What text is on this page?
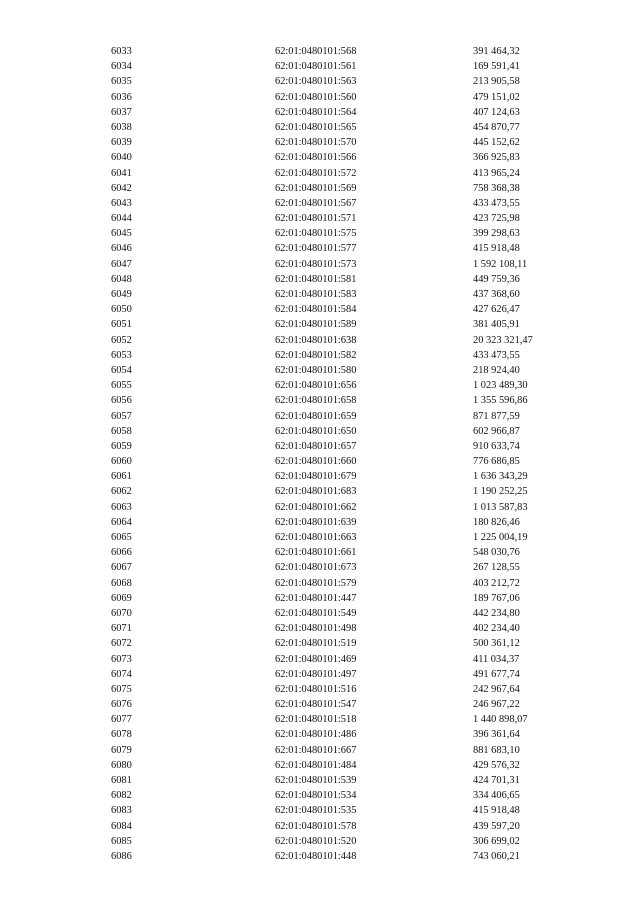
6033	62:01:0480101:568	391 464,32
6034	62:01:0480101:561	169 591,41
6035	62:01:0480101:563	213 905,58
6036	62:01:0480101:560	479 151,02
6037	62:01:0480101:564	407 124,63
6038	62:01:0480101:565	454 870,77
6039	62:01:0480101:570	445 152,62
6040	62:01:0480101:566	366 925,83
6041	62:01:0480101:572	413 965,24
6042	62:01:0480101:569	758 368,38
6043	62:01:0480101:567	433 473,55
6044	62:01:0480101:571	423 725,98
6045	62:01:0480101:575	399 298,63
6046	62:01:0480101:577	415 918,48
6047	62:01:0480101:573	1 592 108,11
6048	62:01:0480101:581	449 759,36
6049	62:01:0480101:583	437 368,60
6050	62:01:0480101:584	427 626,47
6051	62:01:0480101:589	381 405,91
6052	62:01:0480101:638	20 323 321,47
6053	62:01:0480101:582	433 473,55
6054	62:01:0480101:580	218 924,40
6055	62:01:0480101:656	1 023 489,30
6056	62:01:0480101:658	1 355 596,86
6057	62:01:0480101:659	871 877,59
6058	62:01:0480101:650	602 966,87
6059	62:01:0480101:657	910 633,74
6060	62:01:0480101:660	776 686,85
6061	62:01:0480101:679	1 636 343,29
6062	62:01:0480101:683	1 190 252,25
6063	62:01:0480101:662	1 013 587,83
6064	62:01:0480101:639	180 826,46
6065	62:01:0480101:663	1 225 004,19
6066	62:01:0480101:661	548 030,76
6067	62:01:0480101:673	267 128,55
6068	62:01:0480101:579	403 212,72
6069	62:01:0480101:447	189 767,06
6070	62:01:0480101:549	442 234,80
6071	62:01:0480101:498	402 234,40
6072	62:01:0480101:519	500 361,12
6073	62:01:0480101:469	411 034,37
6074	62:01:0480101:497	491 677,74
6075	62:01:0480101:516	242 967,64
6076	62:01:0480101:547	246 967,22
6077	62:01:0480101:518	1 440 898,07
6078	62:01:0480101:486	396 361,64
6079	62:01:0480101:667	881 683,10
6080	62:01:0480101:484	429 576,32
6081	62:01:0480101:539	424 701,31
6082	62:01:0480101:534	334 406,65
6083	62:01:0480101:535	415 918,48
6084	62:01:0480101:578	439 597,20
6085	62:01:0480101:520	306 699,02
6086	62:01:0480101:448	743 060,21
